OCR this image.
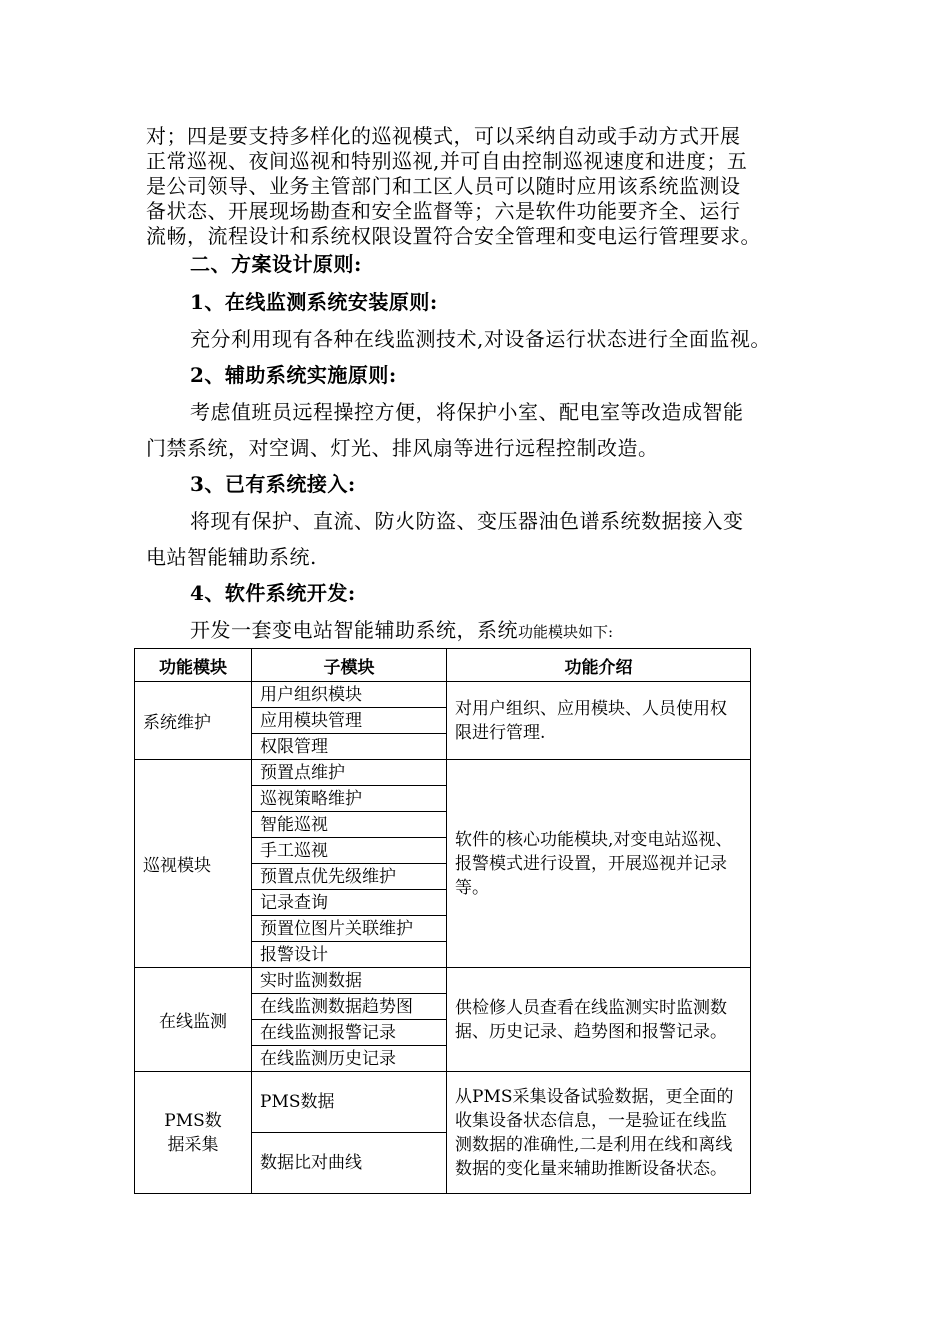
对；四是要支持多样化的巡视模式，可以采纳自动或手动方式开展
正常巡视、夜间巡视和特别巡视,并可自由控制巡视速度和进度；五
是公司领导、业务主管部门和工区人员可以随时应用该系统监测设
备状态、开展现场勘查和安全监督等；六是软件功能要齐全、运行
流畅，流程设计和系统权限设置符合安全管理和变电运行管理要求。
二、方案设计原则:
1、在线监测系统安装原则:
充分利用现有各种在线监测技术,对设备运行状态进行全面监视。
2、辅助系统实施原则:
考虑值班员远程操控方便，将保护小室、配电室等改造成智能
门禁系统，对空调、灯光、排风扇等进行远程控制改造。
3、已有系统接入:
将现有保护、直流、防火防盗、变压器油色谱系统数据接入变
电站智能辅助系统.
4、软件系统开发:
开发一套变电站智能辅助系统，系统功能模块如下:
功能模块	子模块	功能介绍
系统维护	用户组织模块	对用户组织、应用模块、人员使用权限进行管理.
	应用模块管理	
	权限管理	
巡视模块	预置点维护	软件的核心功能模块,对变电站巡视、报警模式进行设置，开展巡视并记录等。
	巡视策略维护	
	智能巡视	
	手工巡视	
	预置点优先级维护	
	记录查询	
	预置位图片关联维护	
	报警设计	
在线监测	实时监测数据	供检修人员查看在线监测实时监测数据、历史记录、趋势图和报警记录。
	在线监测数据趋势图	
	在线监测报警记录	
	在线监测历史记录	
PMS数据采集	PMS数据	从PMS采集设备试验数据，更全面的收集设备状态信息，一是验证在线监测数据的准确性,二是利用在线和离线数据的变化量来辅助推断设备状态。
	数据比对曲线	
